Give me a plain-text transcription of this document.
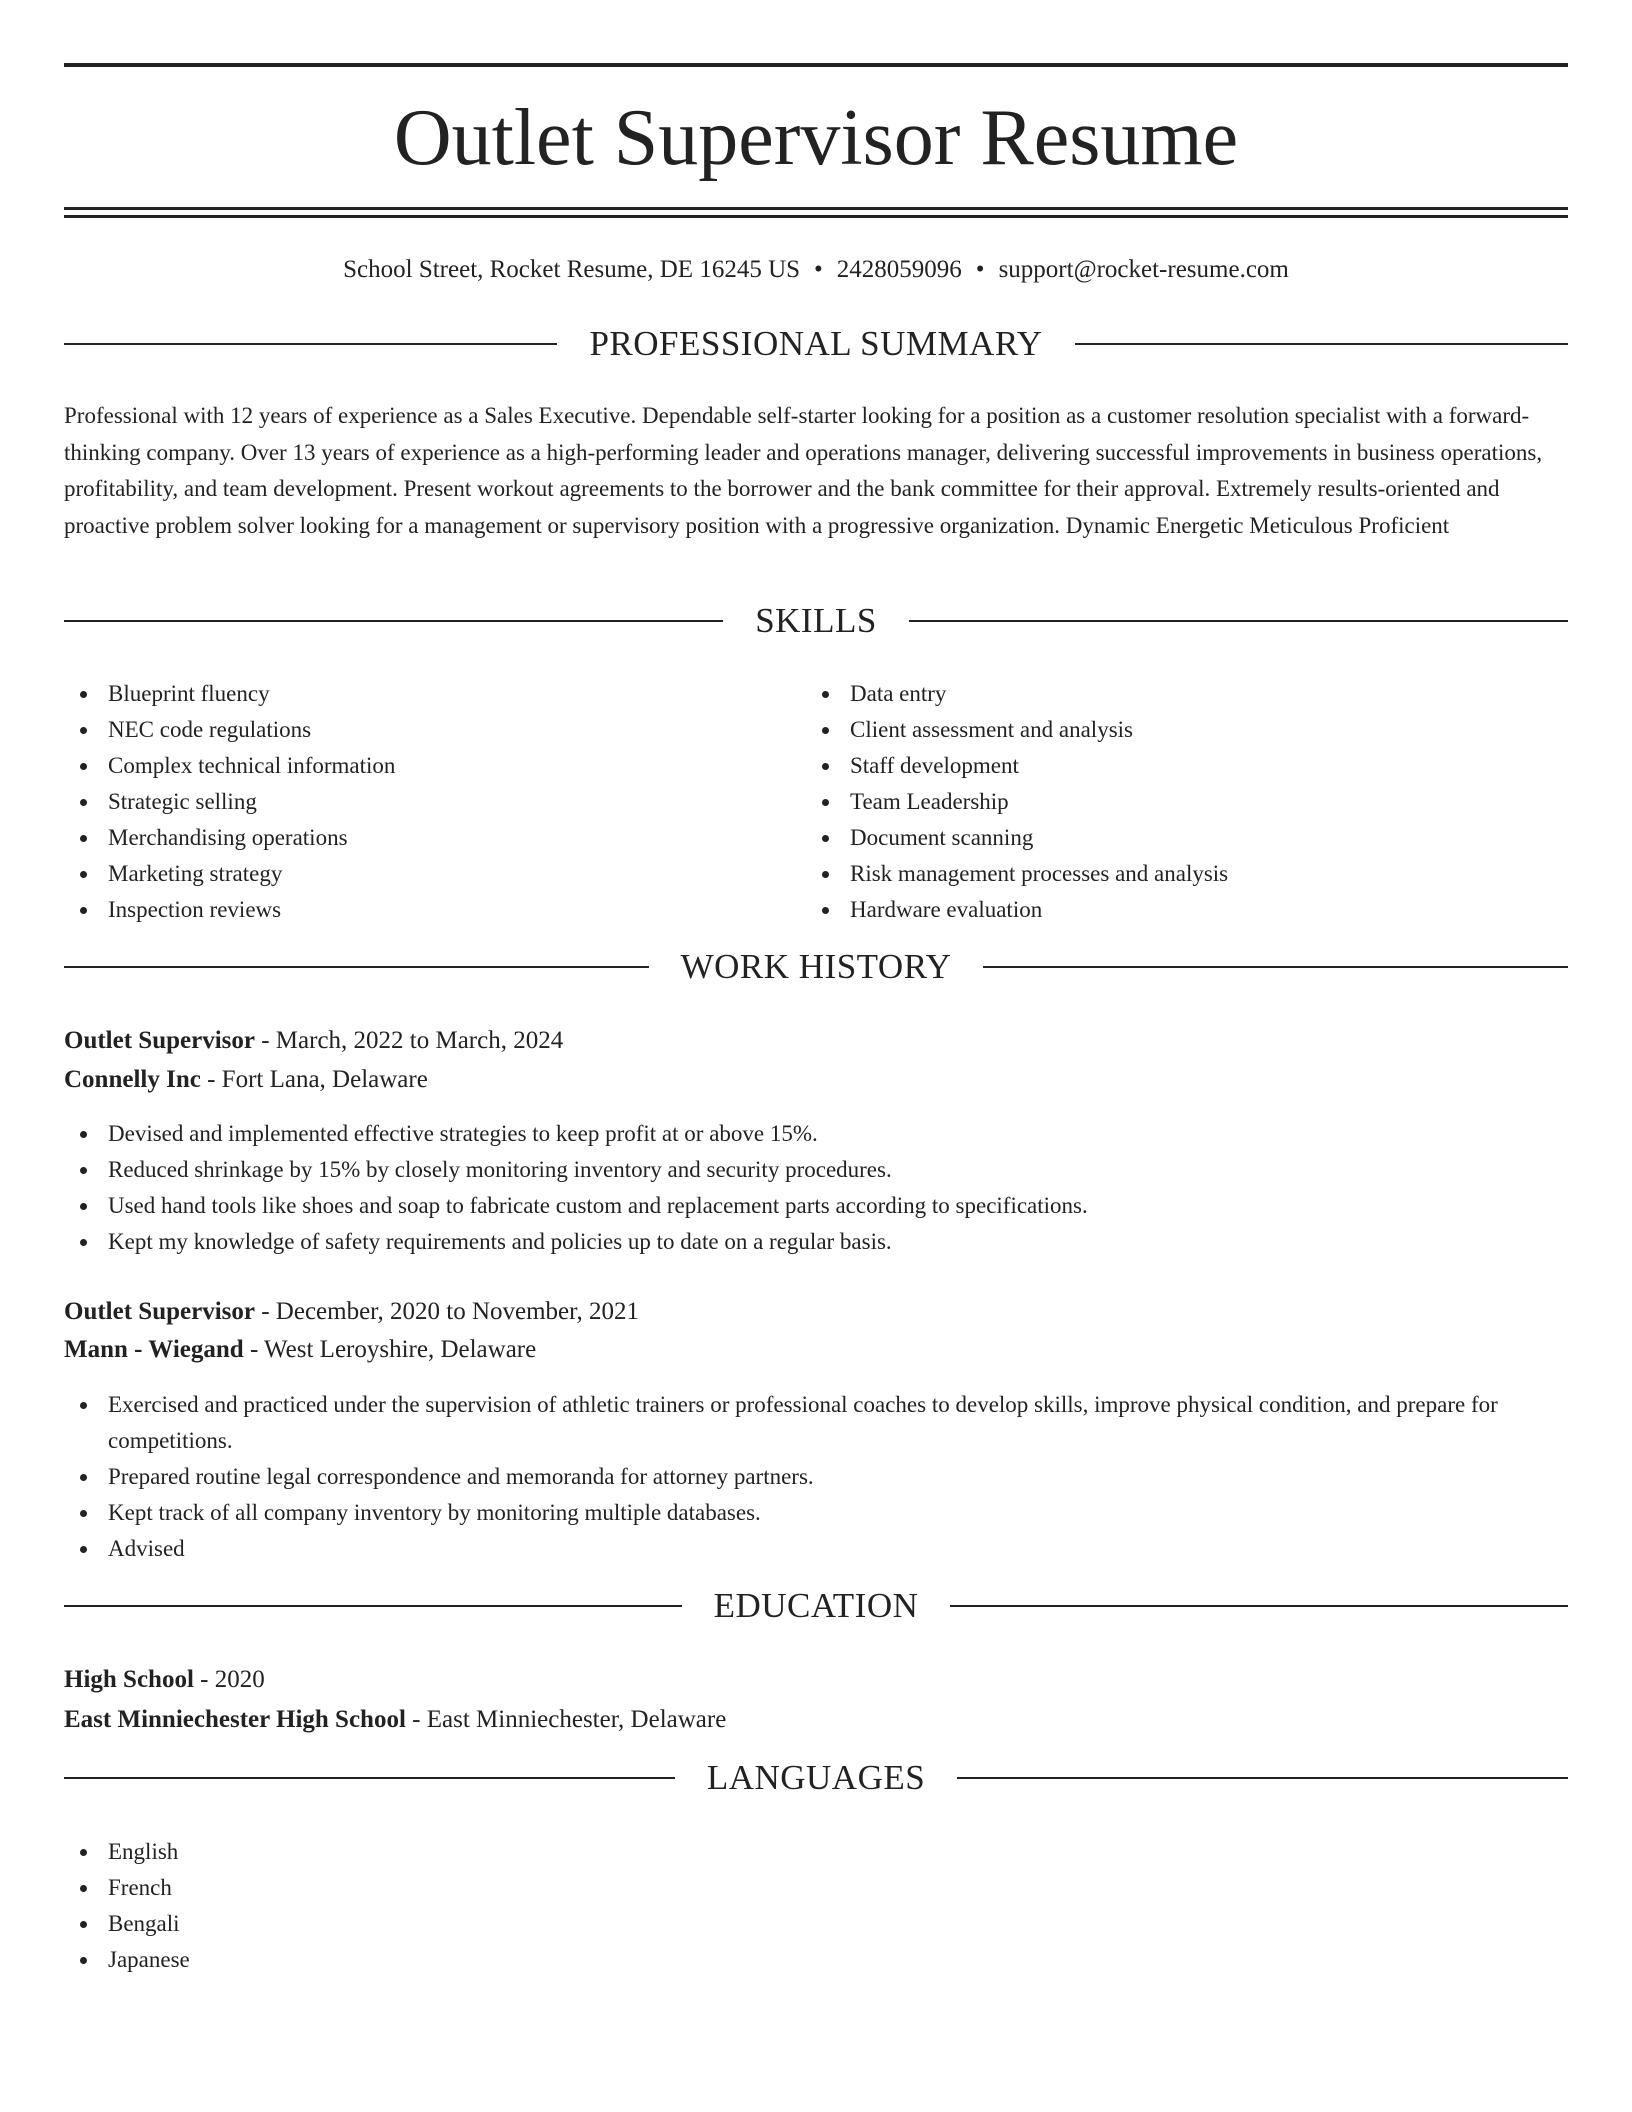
Outlet Supervisor Resume
School Street, Rocket Resume, DE 16245 US • 2428059096 • support@rocket-resume.com
PROFESSIONAL SUMMARY

Professional with 12 years of experience as a Sales Executive. Dependable self-starter looking for a position as a customer resolution specialist with a forward-thinking company. Over 13 years of experience as a high-performing leader and operations manager, delivering successful improvements in business operations, profitability, and team development. Present workout agreements to the borrower and the bank committee for their approval. Extremely results-oriented and proactive problem solver looking for a management or supervisory position with a progressive organization. Dynamic Energetic Meticulous Proficient

SKILLS
Blueprint fluency
NEC code regulations
Complex technical information
Strategic selling
Merchandising operations
Marketing strategy
Inspection reviews
Data entry
Client assessment and analysis
Staff development
Team Leadership
Document scanning
Risk management processes and analysis
Hardware evaluation
WORK HISTORY
Outlet Supervisor - March, 2022 to March, 2024
Connelly Inc - Fort Lana, Delaware
Devised and implemented effective strategies to keep profit at or above 15%.
Reduced shrinkage by 15% by closely monitoring inventory and security procedures.
Used hand tools like shoes and soap to fabricate custom and replacement parts according to specifications.
Kept my knowledge of safety requirements and policies up to date on a regular basis.
Outlet Supervisor - December, 2020 to November, 2021
Mann - Wiegand - West Leroyshire, Delaware
Exercised and practiced under the supervision of athletic trainers or professional coaches to develop skills, improve physical condition, and prepare for competitions.
Prepared routine legal correspondence and memoranda for attorney partners.
Kept track of all company inventory by monitoring multiple databases.
Advised
EDUCATION
High School - 2020
East Minniechester High School - East Minniechester, Delaware
LANGUAGES
English
French
Bengali
Japanese
